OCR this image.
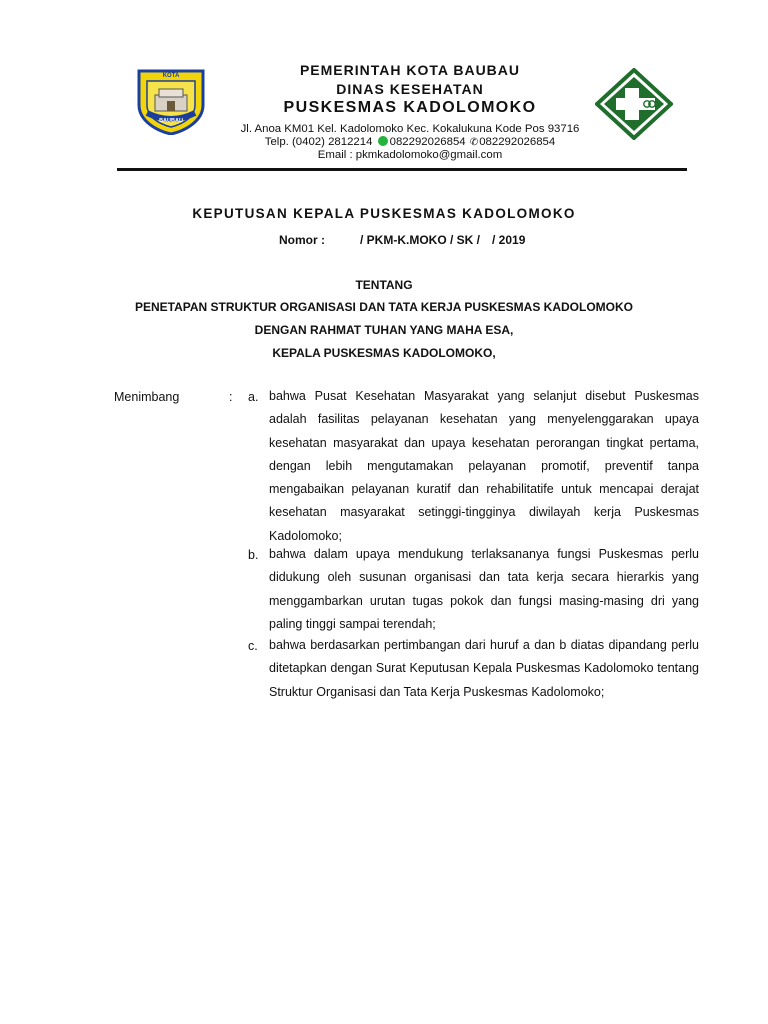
KOTA
BAUBAU
PEMERINTAH KOTA BAUBAU
DINAS KESEHATAN
PUSKESMAS KADOLOMOKO
Jl. Anoa KM01 Kel. Kadolomoko Kec. Kokalukuna Kode Pos 93716
Telp. (0402) 2812214 082292026854 ✆082292026854
Email : pkmkadolomoko@gmail.com
KEPUTUSAN KEPALA PUSKESMAS KADOLOMOKO
Nomor :	/ PKM-K.MOKO / SK / / 2019
TENTANG
PENETAPAN STRUKTUR ORGANISASI DAN TATA KERJA PUSKESMAS KADOLOMOKO
DENGAN RAHMAT TUHAN YANG MAHA ESA,
KEPALA PUSKESMAS KADOLOMOKO,
Menimbang	: a. bahwa Pusat Kesehatan Masyarakat yang selanjut disebut Puskesmas adalah fasilitas pelayanan kesehatan yang menyelenggarakan upaya kesehatan masyarakat dan upaya kesehatan perorangan tingkat pertama, dengan lebih mengutamakan pelayanan promotif, preventif tanpa mengabaikan pelayanan kuratif dan rehabilitatife untuk mencapai derajat kesehatan masyarakat setinggi-tingginya diwilayah kerja Puskesmas Kadolomoko;
b. bahwa dalam upaya mendukung terlaksananya fungsi Puskesmas perlu didukung oleh susunan organisasi dan tata kerja secara hierarkis yang menggambarkan urutan tugas pokok dan fungsi masing-masing dri yang paling tinggi sampai terendah;
c. bahwa berdasarkan pertimbangan dari huruf a dan b diatas dipandang perlu ditetapkan dengan Surat Keputusan Kepala Puskesmas Kadolomoko tentang Struktur Organisasi dan Tata Kerja Puskesmas Kadolomoko;
